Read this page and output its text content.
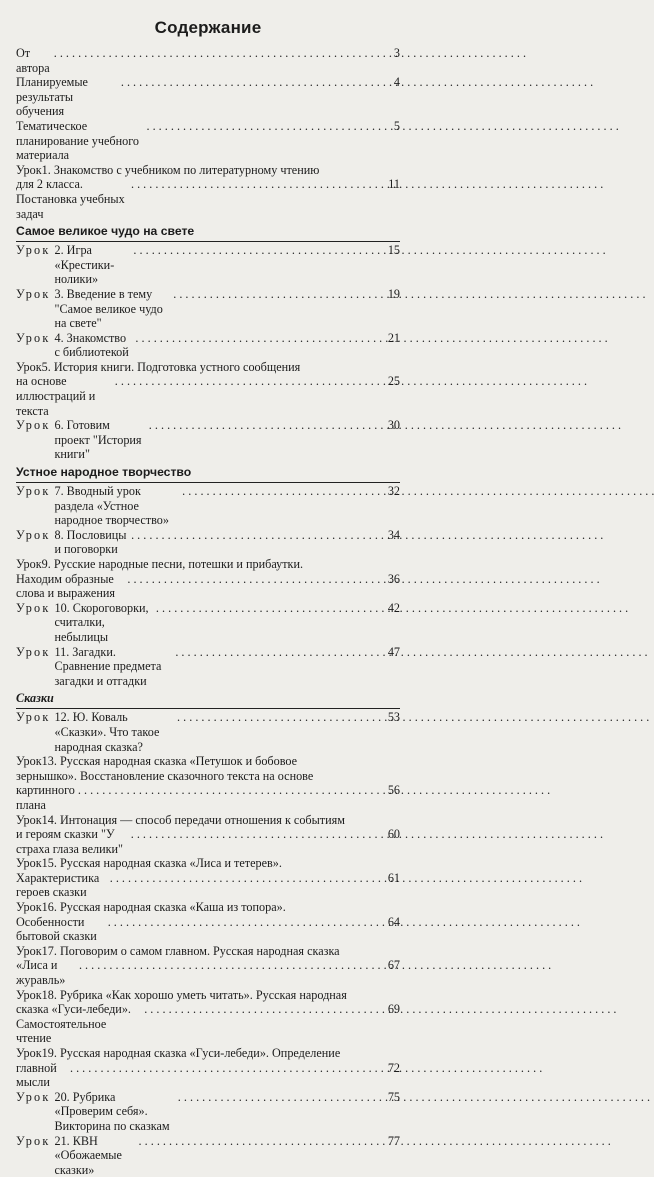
Содержание
От автора
. . .
3
Планируемые результаты обучения
. . .
4
Тематическое планирование учебного материала
. . .
5
Урок1. Знакомство с учебником по литературному чтению
для 2 класса. Постановка учебных задач
. . .
11
Самое великое чудо на свете
Урок 2. Игра «Крестики-нолики»
. . .
15
Урок 3. Введение в тему "Самое великое чудо на свете"
. . .
19
Урок 4. Знакомство с библиотекой
. . .
21
Урок5. История книги. Подготовка устного сообщения
на основе иллюстраций и текста
. . .
25
Урок 6. Готовим проект "История книги"
. . .
30
Устное народное творчество
Урок 7. Вводный урок раздела «Устное народное творчество»
. . .
32
Урок 8. Пословицы и поговорки
. . .
34
Урок9. Русские народные песни, потешки и прибаутки.
Находим образные слова и выражения
. . .
36
Урок 10. Скороговорки, считалки, небылицы
. . .
42
Урок 11. Загадки. Сравнение предмета загадки и отгадки
. . .
47
Сказки
Урок 12. Ю. Коваль «Сказки». Что такое народная сказка?
. . .
53
Урок13. Русская народная сказка «Петушок и бобовое
зернышко». Восстановление сказочного текста на основе
картинного плана
. . .
56
Урок14. Интонация — способ передачи отношения к событиям
и героям сказки "У страха глаза велики"
. . .
60
Урок15. Русская народная сказка «Лиса и тетерев».
Характеристика героев сказки
. . .
61
Урок16. Русская народная сказка «Каша из топора».
Особенности бытовой сказки
. . .
64
Урок17. Поговорим о самом главном. Русская народная сказка
«Лиса и журавль»
. . .
67
Урок18. Рубрика «Как хорошо уметь читать». Русская народная
сказка «Гуси-лебеди». Самостоятельное чтение
. . .
69
Урок19. Русская народная сказка «Гуси-лебеди». Определение
главной мысли
. . .
72
Урок 20. Рубрика «Проверим себя». Викторина по сказкам
. . .
75
Урок 21. КВН «Обожаемые сказки»
. . .
77
